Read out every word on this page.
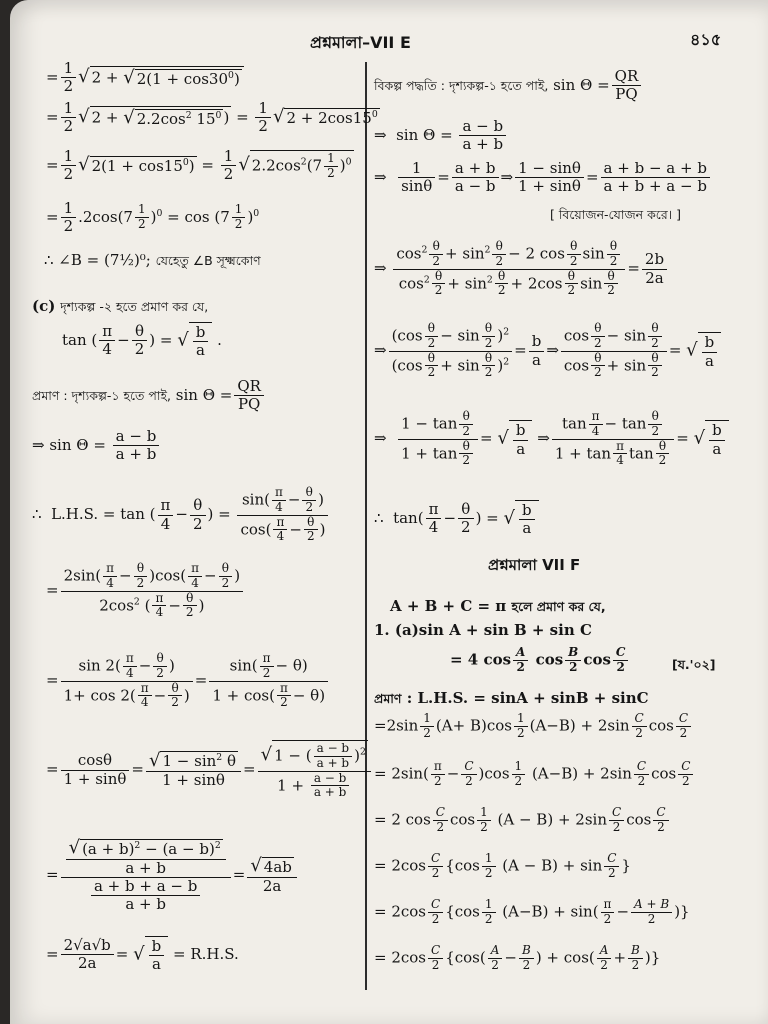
প্রশ্নমালা–VII E	৪১৫
= $\frac{1}{2}$ √ 2 + √ $2(1 + \cos 30^0)$
= $\frac{1}{2}$ √ 2 + √ $2.2\cos^2$ $15^0$ ) = $\frac{1}{2}$ √ $2 + 2\cos 15^0$
= $\frac{1}{2}$ √ $2(1 + \cos 15^0) = \frac{1}{2}$ √ $2.2\cos^2(7 \frac{1}{2} )^0$
= $\frac{1}{2} .2\cos(7 \frac{1}{2} )^0 = \cos (7 \frac{1}{2} )^0$
∴ ∠B = (7½)⁰; যেহেতু ∠B সূক্ষ্মকোণ
(c) দৃশ্যকল্প -২ হতে প্রমাণ কর যে,
tan ( $\frac{\pi}{4} - \frac{\theta}{2}$ ) = √ $\frac{b}{a}$ .
প্রমাণ : দৃশ্যকল্প-১ হতে পাই, $\sin \Theta = \frac{QR}{PQ}$
⇒ $\sin \Theta = \frac{a - b}{a + b}$
∴  L.H.S. = tan ( $\frac{\pi}{4} - \frac{\theta}{2}$ ) = $\frac{\sin( \frac{\pi}{4} - \frac{\theta}{2} )}{\cos( \frac{\pi}{4} - \frac{\theta}{2} )}$
= $\frac{2\sin( \frac{\pi}{4} - \frac{\theta}{2} )\cos( \frac{\pi}{4} - \frac{\theta}{2} )}{2\cos^2 ( \frac{\pi}{4} - \frac{\theta}{2} )}$
= $\frac{\sin 2( \frac{\pi}{4} - \frac{\theta}{2} )}{1+ \cos 2( \frac{\pi}{4} - \frac{\theta}{2} )} = \frac{\sin( \frac{\pi}{2} - \theta)}{1 + \cos( \frac{\pi}{2} - \theta)}$
= $\frac{\cos\theta}{1 + \sin\theta} = \frac{√ 1 - \sin^2 \theta}{1 + \sin\theta} = \frac{√ 1 - ( \frac{a - b}{a + b} )^2}{1 + \frac{a - b}{a + b}}$
= $\frac{\frac{√ (a + b)^2 - (a - b)^2}{a + b}}{\frac{a + b + a - b}{a + b}} = \frac{√ 4ab}{2a}$
= $\frac{2√a√b}{2a}$ = √ $\frac{b}{a} = R.H.S$.
বিকল্প পদ্ধতি : দৃশ্যকল্প-১ হতে পাই, $\sin \Theta = \frac{QR}{PQ}$
⇒  $\sin \Theta = \frac{a - b}{a + b}$
⇒ $\frac{1}{\sin\theta} = \frac{a + b}{a - b}$ ⇒ $\frac{1 - \sin\theta}{1 + \sin\theta} = \frac{a + b - a + b}{a + b + a - b}$
[ বিয়োজন-যোজন করে। ]
⇒ $\frac{\cos^2 \frac{\theta}{2} + \sin^2 \frac{\theta}{2} - 2 \cos \frac{\theta}{2} \sin \frac{\theta}{2}}{\cos^2 \frac{\theta}{2} + \sin^2 \frac{\theta}{2} + 2\cos \frac{\theta}{2} \sin \frac{\theta}{2}} = \frac{2b}{2a}$
⇒ $\frac{(\cos \frac{\theta}{2} - \sin \frac{\theta}{2} )^2}{(\cos \frac{\theta}{2} + \sin \frac{\theta}{2} )^2} = \frac{b}{a}$ ⇒ $\frac{\cos \frac{\theta}{2} - \sin \frac{\theta}{2}}{\cos \frac{\theta}{2} + \sin \frac{\theta}{2}}$ = √ $\frac{b}{a}$
⇒ $\frac{1 - \tan \frac{\theta}{2}}{1 + \tan \frac{\theta}{2}}$ = √ $\frac{b}{a}$ ⇒ $\frac{\tan \frac{\pi}{4} - \tan \frac{\theta}{2}}{1 + \tan \frac{\pi}{4} \tan \frac{\theta}{2}}$ = √ $\frac{b}{a}$
∴  $\tan( \frac{\pi}{4} - \frac{\theta}{2}$ ) = √ $\frac{b}{a}$
প্রশ্নমালা VII F
A + B + C = π হলে প্রমাণ কর যে,
1. (a)sin A + sin B + sin C
= 4 $\cos \frac{A}{2}$ $\cos \frac{B}{2}$ $\cos \frac{C}{2}$	[য.'০২]
প্রমাণ : L.H.S. = sinA + sinB + sinC
$=2\sin \frac{1}{2} (A+ B)\cos \frac{1}{2} (A-B) + 2\sin \frac{C}{2}$ $\cos \frac{C}{2}$
= $2\sin( \frac{\pi}{2} - \frac{C}{2} )\cos \frac{1}{2} (A-B) + 2\sin \frac{C}{2}$ $\cos \frac{C}{2}$
= 2 $\cos \frac{C}{2}$ $\cos \frac{1}{2} (A - B) + 2\sin \frac{C}{2}$ $\cos \frac{C}{2}$
= $2\cos \frac{C}{2} \{\cos \frac{1}{2} (A - B) + \sin \frac{C}{2}$ }
= $2\cos \frac{C}{2} \{\cos \frac{1}{2} (A-B) + \sin( \frac{\pi}{2} - \frac{A + B}{2}$ )}
= $2\cos \frac{C}{2} \{\cos( \frac{A}{2} - \frac{B}{2}$ ) + $\cos( \frac{A}{2} + \frac{B}{2}$ )}
